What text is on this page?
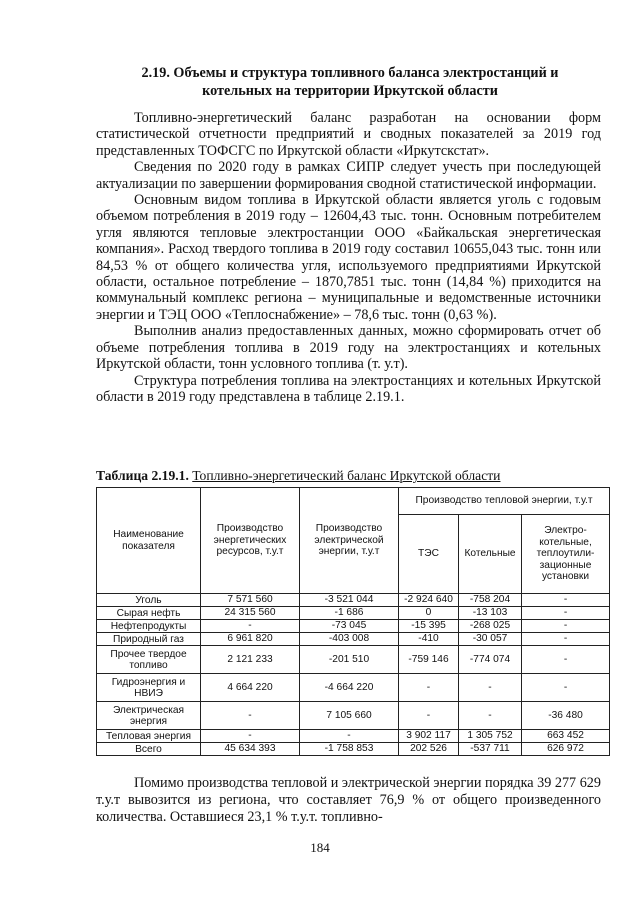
2.19. Объемы и структура топливного баланса электростанций и котельных на территории Иркутской области

Топливно-энергетический баланс разработан на основании форм статистической отчетности предприятий и сводных показателей за 2019 год представленных ТОФСГС по Иркутской области «Иркутскстат».

Сведения по 2020 году в рамках СИПР следует учесть при последующей актуализации по завершении формирования сводной статистической информации.

Основным видом топлива в Иркутской области является уголь с годовым объемом потребления в 2019 году – 12604,43 тыс. тонн. Основным потребителем угля являются тепловые электростанции ООО «Байкальская энергетическая компания». Расход твердого топлива в 2019 году составил 10655,043 тыс. тонн или 84,53 % от общего количества угля, используемого предприятиями Иркутской области, остальное потребление – 1870,7851 тыс. тонн (14,84 %) приходится на коммунальный комплекс региона – муниципальные и ведомственные источники энергии и ТЭЦ ООО «Теплоснабжение» – 78,6 тыс. тонн (0,63 %).

Выполнив анализ предоставленных данных, можно сформировать отчет об объеме потребления топлива в 2019 году на электростанциях и котельных Иркутской области, тонн условного топлива (т. у.т).

Структура потребления топлива на электростанциях и котельных Иркутской области в 2019 году представлена в таблице 2.19.1.

Таблица 2.19.1. Топливно-энергетический баланс Иркутской области
Наименование показателя	Производство энергетических ресурсов, т.у.т	Производство электрической энергии, т.у.т	Производство тепловой энергии, т.у.т		
			ТЭС	Котельные	Электро-котельные, теплоутили-зационные установки
Уголь	7 571 560	-3 521 044	-2 924 640	-758 204	-
Сырая нефть	24 315 560	-1 686	0	-13 103	-
Нефтепродукты	-	-73 045	-15 395	-268 025	-
Природный газ	6 961 820	-403 008	-410	-30 057	-
Прочее твердое топливо	2 121 233	-201 510	-759 146	-774 074	-
Гидроэнергия и НВИЭ	4 664 220	-4 664 220	-	-	-
Электрическая энергия	-	7 105 660	-	-	-36 480
Тепловая энергия	-	-	3 902 117	1 305 752	663 452
Всего	45 634 393	-1 758 853	202 526	-537 711	626 972

Помимо производства тепловой и электрической энергии порядка 39 277 629 т.у.т вывозится из региона, что составляет 76,9 % от общего произведенного количества. Оставшиеся 23,1 % т.у.т. топливно-

184
